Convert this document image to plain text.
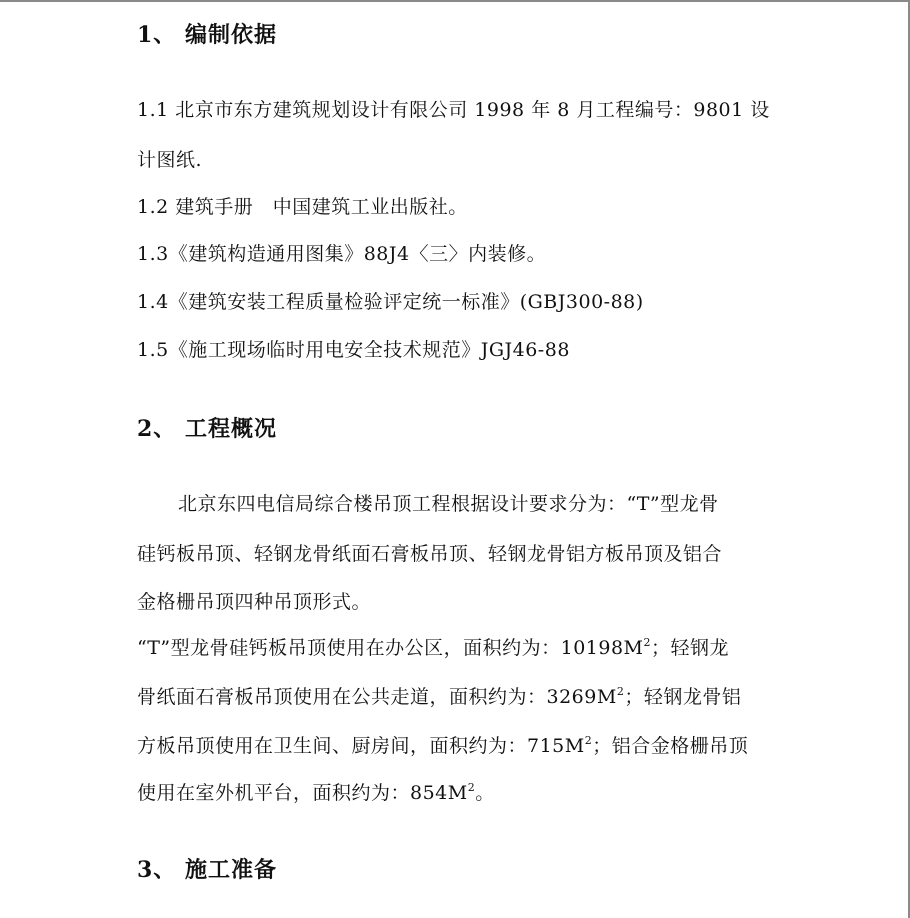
1、 编制依据
1.1 北京市东方建筑规划设计有限公司 1998 年 8 月工程编号：9801 设
计图纸.
1.2 建筑手册　中国建筑工业出版社。
1.3《建筑构造通用图集》88J4〈三〉内装修。
1.4《建筑安装工程质量检验评定统一标准》(GBJ300-88)
1.5《施工现场临时用电安全技术规范》JGJ46-88
2、 工程概况
北京东四电信局综合楼吊顶工程根据设计要求分为：“T”型龙骨
硅钙板吊顶、轻钢龙骨纸面石膏板吊顶、轻钢龙骨铝方板吊顶及铝合
金格栅吊顶四种吊顶形式。
“T”型龙骨硅钙板吊顶使用在办公区，面积约为：$10198M^2$；轻钢龙
骨纸面石膏板吊顶使用在公共走道，面积约为：$3269M^2$；轻钢龙骨铝
方板吊顶使用在卫生间、厨房间，面积约为：$715M^2$；铝合金格栅吊顶
使用在室外机平台，面积约为：$854M^2$。
3、 施工准备
